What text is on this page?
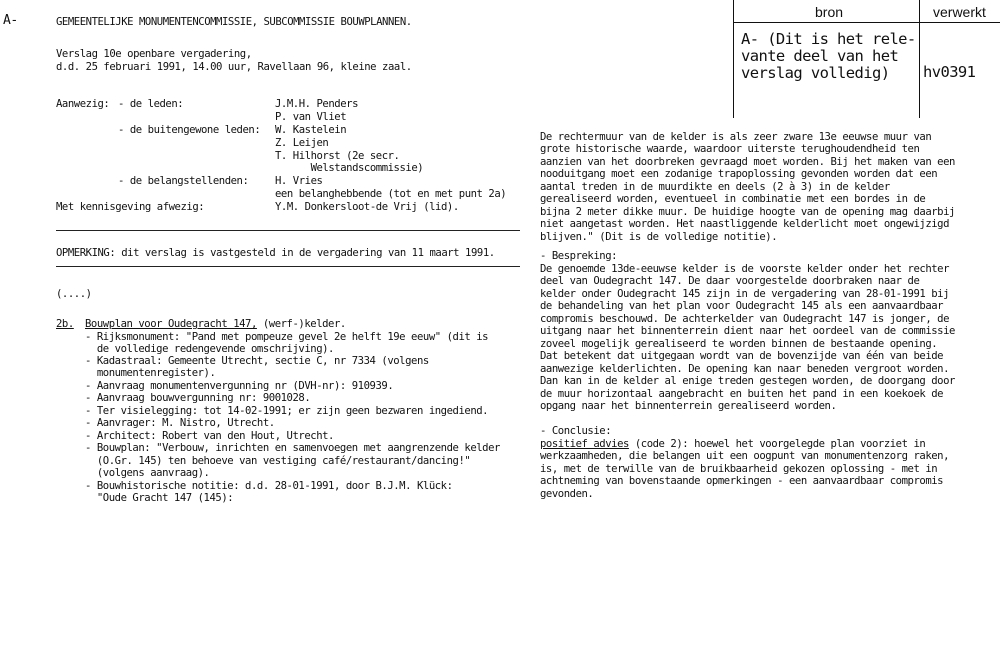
bron	verwerkt
A- (Dit is het rele-
vante deel van het
verslag volledig) hv0391
A-	GEMEENTELIJKE MONUMENTENCOMMISSIE, SUBCOMMISSIE BOUWPLANNEN.
Verslag 10e openbare vergadering,
d.d. 25 februari 1991, 14.00 uur, Ravellaan 96, kleine zaal.
Aanwezig: - de leden:	J.M.H. Penders
P. van Vliet
- de buitengewone leden: W. Kastelein
Z. Leijen
T. Hilhorst (2e secr.
Welstandscommissie)
- de belangstellenden:	H. Vries
een belanghebbende (tot en met punt 2a)
Met kennisgeving afwezig:	Y.M. Donkersloot-de Vrij (lid).
OPMERKING: dit verslag is vastgesteld in de vergadering van 11 maart 1991.
(....)
2b. Bouwplan voor Oudegracht 147, (werf-)kelder.
- Rijksmonument: "Pand met pompeuze gevel 2e helft 19e eeuw" (dit is
de volledige redengevende omschrijving).
- Kadastraal: Gemeente Utrecht, sectie C, nr 7334 (volgens
monumentenregister).
- Aanvraag monumentenvergunning nr (DVH-nr): 910939.
- Aanvraag bouwvergunning nr: 9001028.
- Ter visielegging: tot 14-02-1991; er zijn geen bezwaren ingediend.
- Aanvrager: M. Nistro, Utrecht.
- Architect: Robert van den Hout, Utrecht.
- Bouwplan: "Verbouw, inrichten en samenvoegen met aangrenzende kelder
(O.Gr. 145) ten behoeve van vestiging café/restaurant/dancing!"
(volgens aanvraag).
- Bouwhistorische notitie: d.d. 28-01-1991, door B.J.M. Klück:
"Oude Gracht 147 (145):
De rechtermuur van de kelder is als zeer zware 13e eeuwse muur van
grote historische waarde, waardoor uiterste terughoudendheid ten
aanzien van het doorbreken gevraagd moet worden. Bij het maken van een
nooduitgang moet een zodanige trapoplossing gevonden worden dat een
aantal treden in de muurdikte en deels (2 à 3) in de kelder
gerealiseerd worden, eventueel in combinatie met een bordes in de
bijna 2 meter dikke muur. De huidige hoogte van de opening mag daarbij
niet aangetast worden. Het naastliggende kelderlicht moet ongewijzigd
blijven." (Dit is de volledige notitie).
- Bespreking:
De genoemde 13de-eeuwse kelder is de voorste kelder onder het rechter
deel van Oudegracht 147. De daar voorgestelde doorbraken naar de
kelder onder Oudegracht 145 zijn in de vergadering van 28-01-1991 bij
de behandeling van het plan voor Oudegracht 145 als een aanvaardbaar
compromis beschouwd. De achterkelder van Oudegracht 147 is jonger, de
uitgang naar het binnenterrein dient naar het oordeel van de commissie
zoveel mogelijk gerealiseerd te worden binnen de bestaande opening.
Dat betekent dat uitgegaan wordt van de bovenzijde van één van beide
aanwezige kelderlichten. De opening kan naar beneden vergroot worden.
Dan kan in de kelder al enige treden gestegen worden, de doorgang door
de muur horizontaal aangebracht en buiten het pand in een koekoek de
opgang naar het binnenterrein gerealiseerd worden.
- Conclusie:
positief advies (code 2): hoewel het voorgelegde plan voorziet in
werkzaamheden, die belangen uit een oogpunt van monumentenzorg raken,
is, met de terwille van de bruikbaarheid gekozen oplossing - met in
achtneming van bovenstaande opmerkingen - een aanvaardbaar compromis
gevonden.
